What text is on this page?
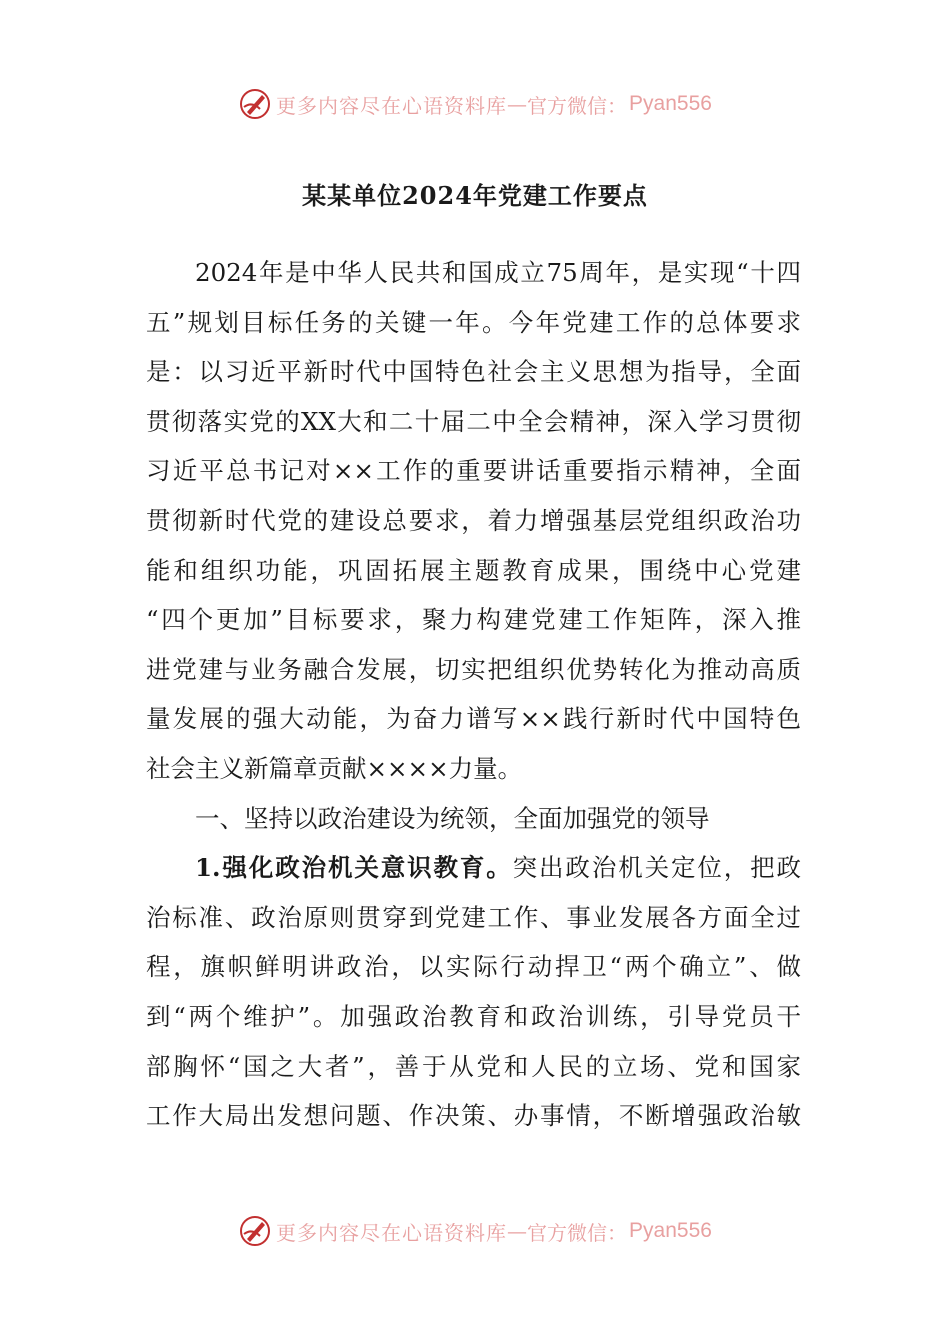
更多内容尽在心语资料库 — 官方微信： Pyan556
某某单位2024年党建工作要点
2024年是中华人民共和国成立75周年，是实现“十四
五”规划目标任务的关键一年。今年党建工作的总体要求
是：以习近平新时代中国特色社会主义思想为指导，全面
贯彻落实党的XX大和二十届二中全会精神，深入学习贯彻
习近平总书记对××工作的重要讲话重要指示精神，全面
贯彻新时代党的建设总要求，着力增强基层党组织政治功
能和组织功能，巩固拓展主题教育成果，围绕中心党建
“四个更加”目标要求，聚力构建党建工作矩阵，深入推
进党建与业务融合发展，切实把组织优势转化为推动高质
量发展的强大动能，为奋力谱写××践行新时代中国特色
社会主义新篇章贡献××××力量。
一、坚持以政治建设为统领，全面加强党的领导
1.强化政治机关意识教育。突出政治机关定位，把政
治标准、政治原则贯穿到党建工作、事业发展各方面全过
程，旗帜鲜明讲政治，以实际行动捍卫“两个确立”、做
到“两个维护”。加强政治教育和政治训练，引导党员干
部胸怀“国之大者”，善于从党和人民的立场、党和国家
工作大局出发想问题、作决策、办事情，不断增强政治敏
更多内容尽在心语资料库 — 官方微信： Pyan556
